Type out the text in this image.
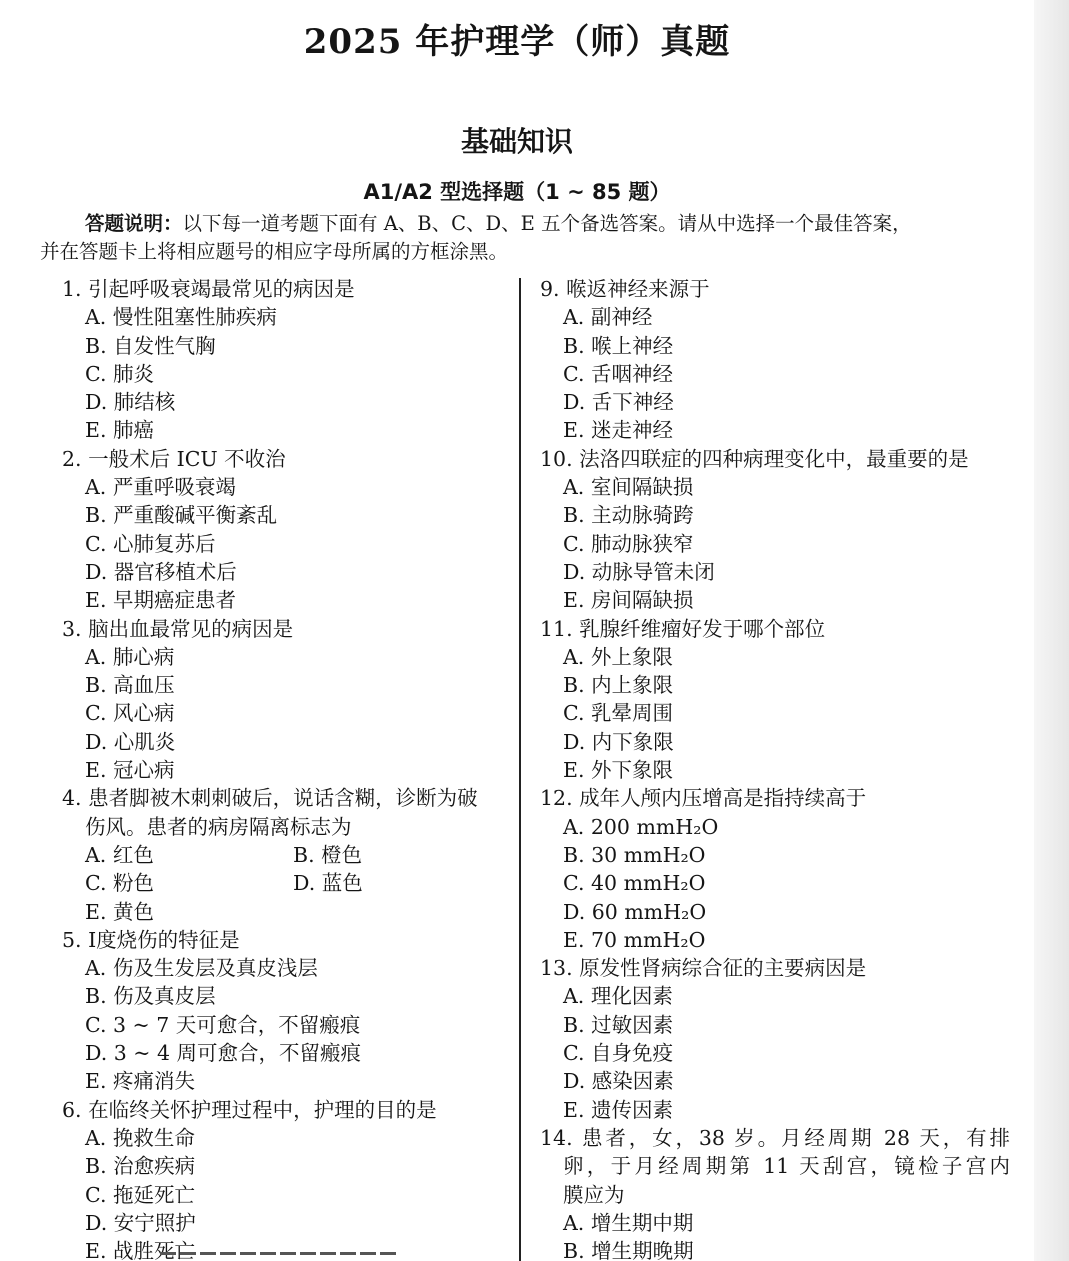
2025 年护理学（师）真题
基础知识
A1/A2 型选择题（1 ~ 85 题）
答题说明：以下每一道考题下面有 A、B、C、D、E 五个备选答案。请从中选择一个最佳答案，
并在答题卡上将相应题号的相应字母所属的方框涂黑。
1. 引起呼吸衰竭最常见的病因是
A. 慢性阻塞性肺疾病
B. 自发性气胸
C. 肺炎
D. 肺结核
E. 肺癌
2. 一般术后 ICU 不收治
A. 严重呼吸衰竭
B. 严重酸碱平衡紊乱
C. 心肺复苏后
D. 器官移植术后
E. 早期癌症患者
3. 脑出血最常见的病因是
A. 肺心病
B. 高血压
C. 风心病
D. 心肌炎
E. 冠心病
4. 患者脚被木刺刺破后，说话含糊，诊断为破
伤风。患者的病房隔离标志为
A. 红色	B. 橙色
C. 粉色	D. 蓝色
E. 黄色
5. Ⅰ度烧伤的特征是
A. 伤及生发层及真皮浅层
B. 伤及真皮层
C. 3 ~ 7 天可愈合，不留瘢痕
D. 3 ~ 4 周可愈合，不留瘢痕
E. 疼痛消失
6. 在临终关怀护理过程中，护理的目的是
A. 挽救生命
B. 治愈疾病
C. 拖延死亡
D. 安宁照护
E. 战胜死亡
9. 喉返神经来源于
A. 副神经
B. 喉上神经
C. 舌咽神经
D. 舌下神经
E. 迷走神经
10. 法洛四联症的四种病理变化中，最重要的是
A. 室间隔缺损
B. 主动脉骑跨
C. 肺动脉狭窄
D. 动脉导管未闭
E. 房间隔缺损
11. 乳腺纤维瘤好发于哪个部位
A. 外上象限
B. 内上象限
C. 乳晕周围
D. 内下象限
E. 外下象限
12. 成年人颅内压增高是指持续高于
A. 200 mmH₂O
B. 30 mmH₂O
C. 40 mmH₂O
D. 60 mmH₂O
E. 70 mmH₂O
13. 原发性肾病综合征的主要病因是
A. 理化因素
B. 过敏因素
C. 自身免疫
D. 感染因素
E. 遗传因素
14. 患者，女，38 岁。月经周期 28 天，有排
卵，于月经周期第 11 天刮宫，镜检子宫内
膜应为
A. 增生期中期
B. 增生期晚期
